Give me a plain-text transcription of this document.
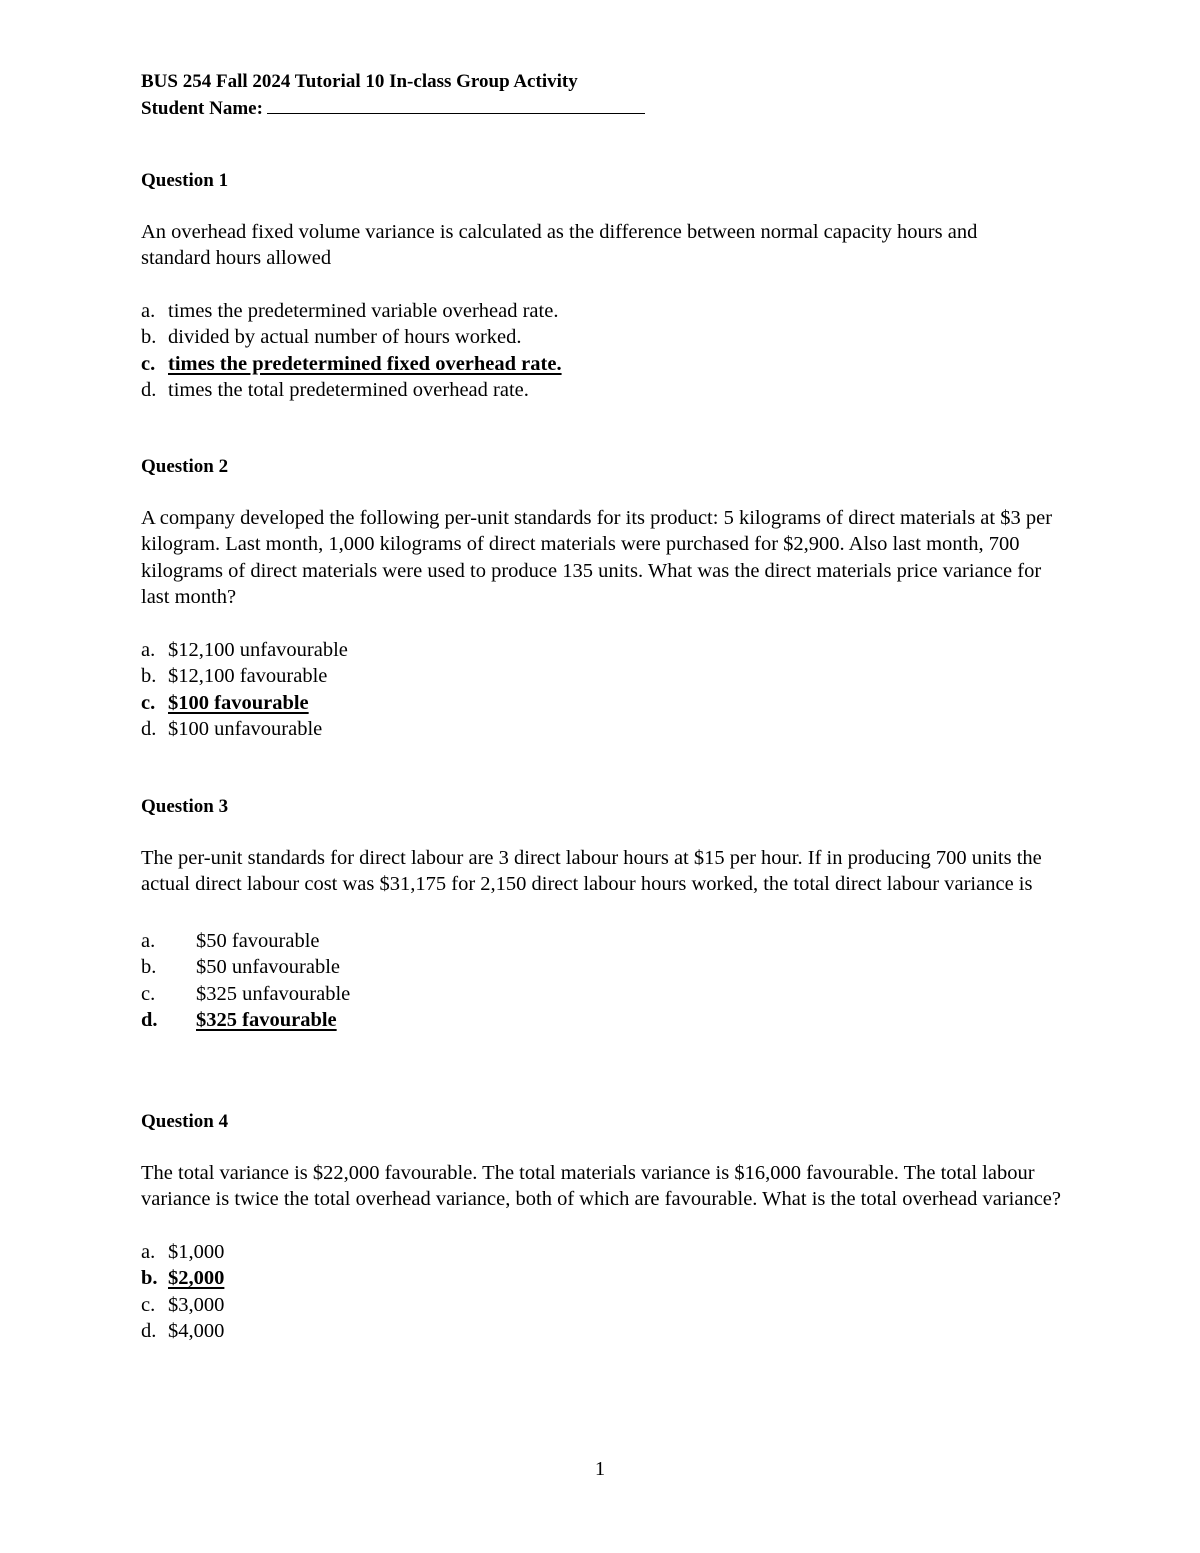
BUS 254 Fall 2024 Tutorial 10 In-class Group Activity
Student Name:

Question 1

An overhead fixed volume variance is calculated as the difference between normal capacity hours and standard hours allowed

a. times the predetermined variable overhead rate.
b. divided by actual number of hours worked.
c. times the predetermined fixed overhead rate.
d. times the total predetermined overhead rate.

Question 2

A company developed the following per-unit standards for its product: 5 kilograms of direct materials at $3 per kilogram. Last month, 1,000 kilograms of direct materials were purchased for $2,900. Also last month, 700 kilograms of direct materials were used to produce 135 units. What was the direct materials price variance for last month?

a. $12,100 unfavourable
b. $12,100 favourable
c. $100 favourable
d. $100 unfavourable

Question 3

The per-unit standards for direct labour are 3 direct labour hours at $15 per hour. If in producing 700 units the actual direct labour cost was $31,175 for 2,150 direct labour hours worked, the total direct labour variance is

a.	$50 favourable
b.	$50 unfavourable
c.	$325 unfavourable
d.	$325 favourable

Question 4

The total variance is $22,000 favourable. The total materials variance is $16,000 favourable. The total labour variance is twice the total overhead variance, both of which are favourable. What is the total overhead variance?

a. $1,000
b. $2,000
c. $3,000
d. $4,000
1
